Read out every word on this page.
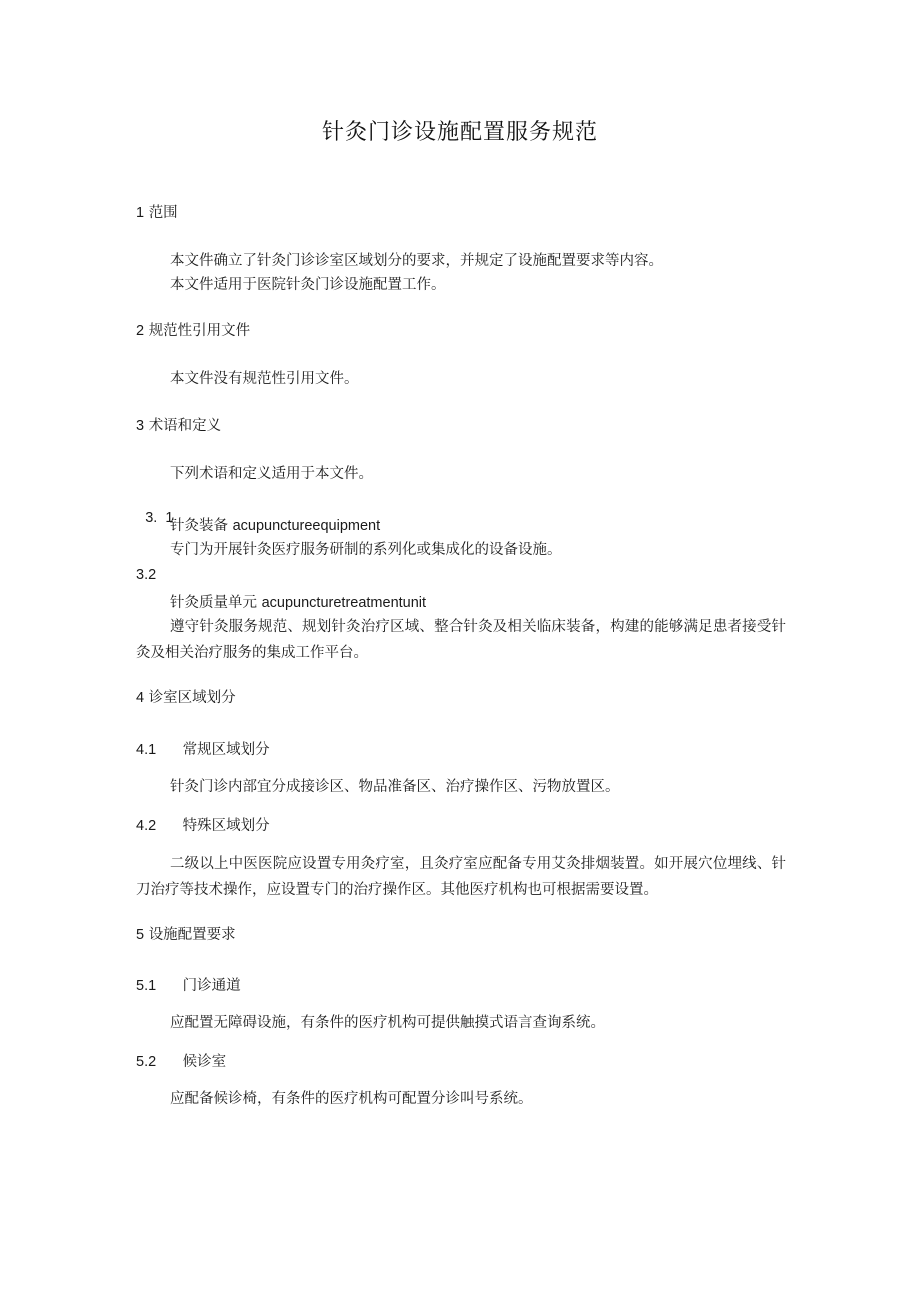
针灸门诊设施配置服务规范
1 范围
本文件确立了针灸门诊诊室区域划分的要求，并规定了设施配置要求等内容。
本文件适用于医院针灸门诊设施配置工作。
2 规范性引用文件
本文件没有规范性引用文件。
3 术语和定义
下列术语和定义适用于本文件。

3.  1

针灸装备 acupunctureequipment
专门为开展针灸医疗服务研制的系列化或集成化的设备设施。
3.2
针灸质量单元 acupuncturetreatmentunit
遵守针灸服务规范、规划针灸治疗区域、整合针灸及相关临床装备，构建的能够满足患者接受针灸及相关治疗服务的集成工作平台。
4 诊室区域划分
4.1 常规区域划分
针灸门诊内部宜分成接诊区、物品准备区、治疗操作区、污物放置区。
4.2 特殊区域划分
二级以上中医医院应设置专用灸疗室，且灸疗室应配备专用艾灸排烟装置。如开展穴位埋线、针刀治疗等技术操作，应设置专门的治疗操作区。其他医疗机构也可根据需要设置。
5 设施配置要求
5.1 门诊通道
应配置无障碍设施，有条件的医疗机构可提供触摸式语言查询系统。
5.2 候诊室
应配备候诊椅，有条件的医疗机构可配置分诊叫号系统。
